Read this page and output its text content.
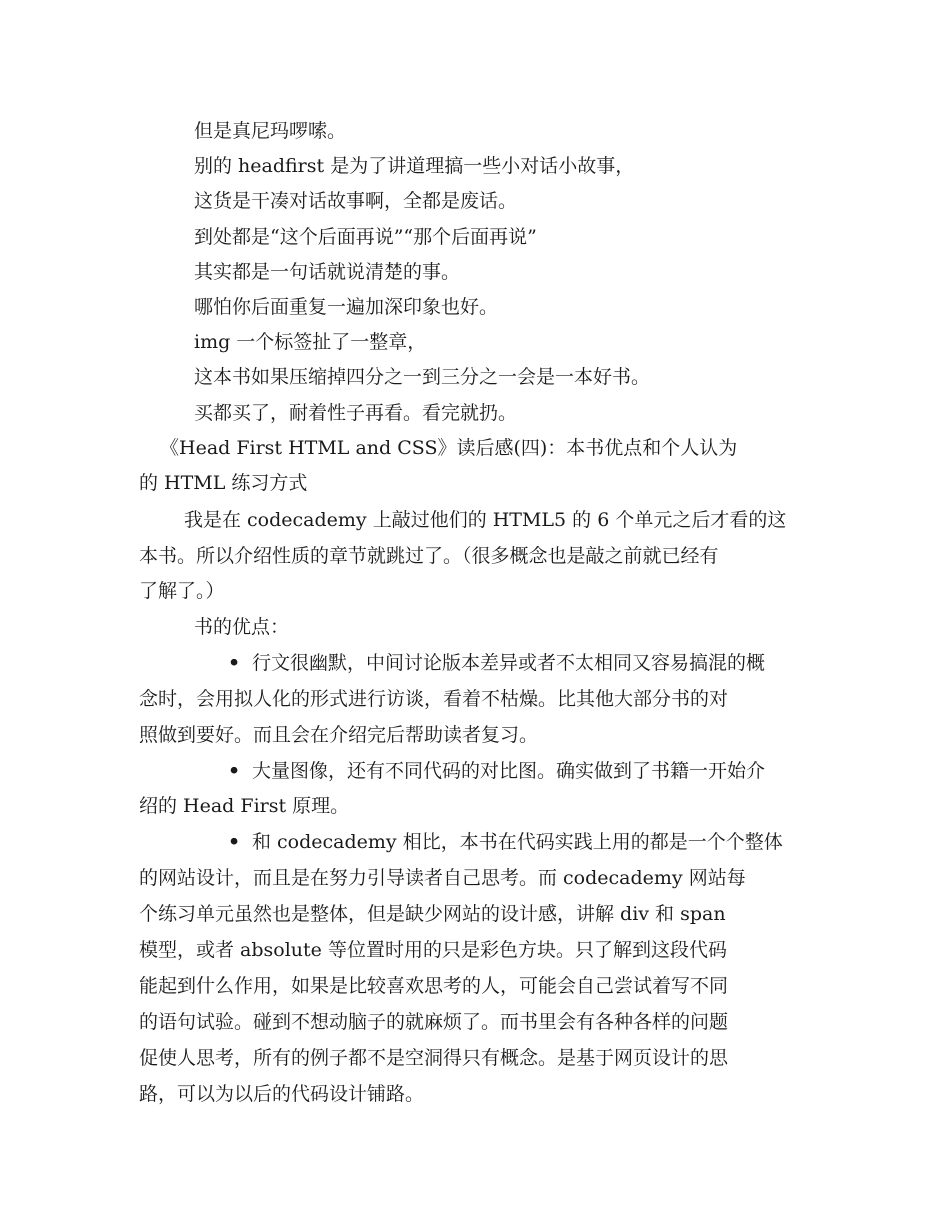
但是真尼玛啰嗦。
别的 headfirst 是为了讲道理搞一些小对话小故事，
这货是干凑对话故事啊，全都是废话。
到处都是“这个后面再说”“那个后面再说”
其实都是一句话就说清楚的事。
哪怕你后面重复一遍加深印象也好。
img 一个标签扯了一整章，
这本书如果压缩掉四分之一到三分之一会是一本好书。
买都买了，耐着性子再看。看完就扔。
《Head First HTML and CSS》读后感(四)：本书优点和个人认为
的 HTML 练习方式
我是在 codecademy 上敲过他们的 HTML5 的 6 个单元之后才看的这
本书。所以介绍性质的章节就跳过了。（很多概念也是敲之前就已经有
了解了。）
书的优点：
• 行文很幽默，中间讨论版本差异或者不太相同又容易搞混的概
念时，会用拟人化的形式进行访谈，看着不枯燥。比其他大部分书的对
照做到要好。而且会在介绍完后帮助读者复习。
• 大量图像，还有不同代码的对比图。确实做到了书籍一开始介
绍的 Head First 原理。
• 和 codecademy 相比，本书在代码实践上用的都是一个个整体
的网站设计，而且是在努力引导读者自己思考。而 codecademy 网站每
个练习单元虽然也是整体，但是缺少网站的设计感，讲解 div 和 span
模型，或者 absolute 等位置时用的只是彩色方块。只了解到这段代码
能起到什么作用，如果是比较喜欢思考的人，可能会自己尝试着写不同
的语句试验。碰到不想动脑子的就麻烦了。而书里会有各种各样的问题
促使人思考，所有的例子都不是空洞得只有概念。是基于网页设计的思
路，可以为以后的代码设计铺路。
